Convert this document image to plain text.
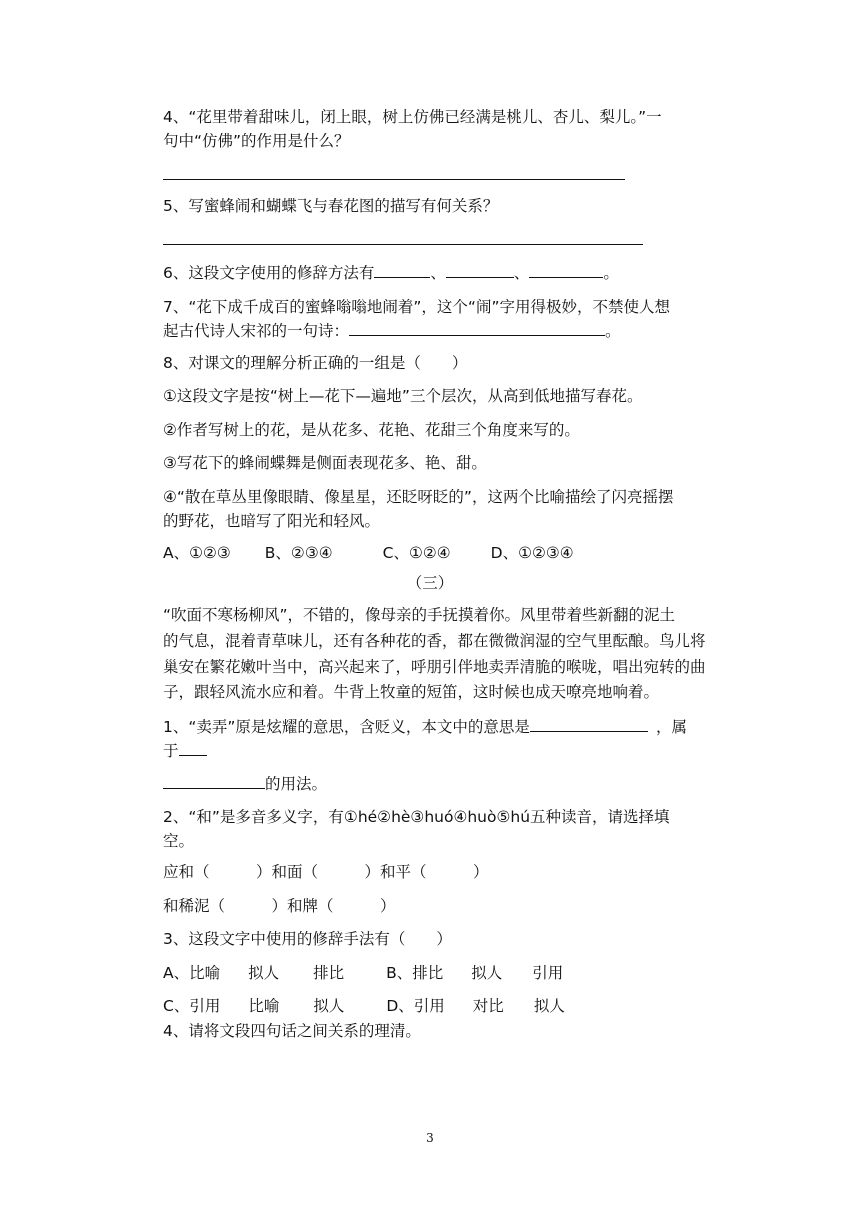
4、“花里带着甜味儿，闭上眼，树上仿佛已经满是桃儿、杏儿、梨儿。”一
句中“仿佛”的作用是什么？
5、写蜜蜂闹和蝴蝶飞与春花图的描写有何关系？
6、这段文字使用的修辞方法有	、	、	。
7、“花下成千成百的蜜蜂嗡嗡地闹着”，这个“闹”字用得极妙，不禁使人想
起古代诗人宋祁的一句诗：	。
8、对课文的理解分析正确的一组是（　　）
①这段文字是按“树上—花下—遍地”三个层次，从高到低地描写春花。
②作者写树上的花，是从花多、花艳、花甜三个角度来写的。
③写花下的蜂闹蝶舞是侧面表现花多、艳、甜。
④“散在草丛里像眼睛、像星星，还眨呀眨的”，这两个比喻描绘了闪亮摇摆
的野花，也暗写了阳光和轻风。
A、①②③ B、②③④	C、①②④	D、①②③④
（三）
“吹面不寒杨柳风”，不错的，像母亲的手抚摸着你。风里带着些新翻的泥土
的气息，混着青草味儿，还有各种花的香，都在微微润湿的空气里酝酿。鸟儿将
巢安在繁花嫩叶当中，高兴起来了，呼朋引伴地卖弄清脆的喉咙，唱出宛转的曲
子，跟轻风流水应和着。牛背上牧童的短笛，这时候也成天嘹亮地响着。
1、“卖弄”原是炫耀的意思，含贬义，本文中的意思是	，属
于
的用法。
2、“和”是多音多义字，有①hé②hè③huó④huò⑤hú五种读音，请选择填
空。
应和（　　　）和面（　　　）和平（　　　）
和稀泥（　　　）和牌（　　　）
3、这段文字中使用的修辞手法有（　　）
A、比喻 拟人 排比	B、排比 拟人 引用
C、引用 比喻 拟人	D、引用 对比 拟人
4、请将文段四句话之间关系的理清。
3
